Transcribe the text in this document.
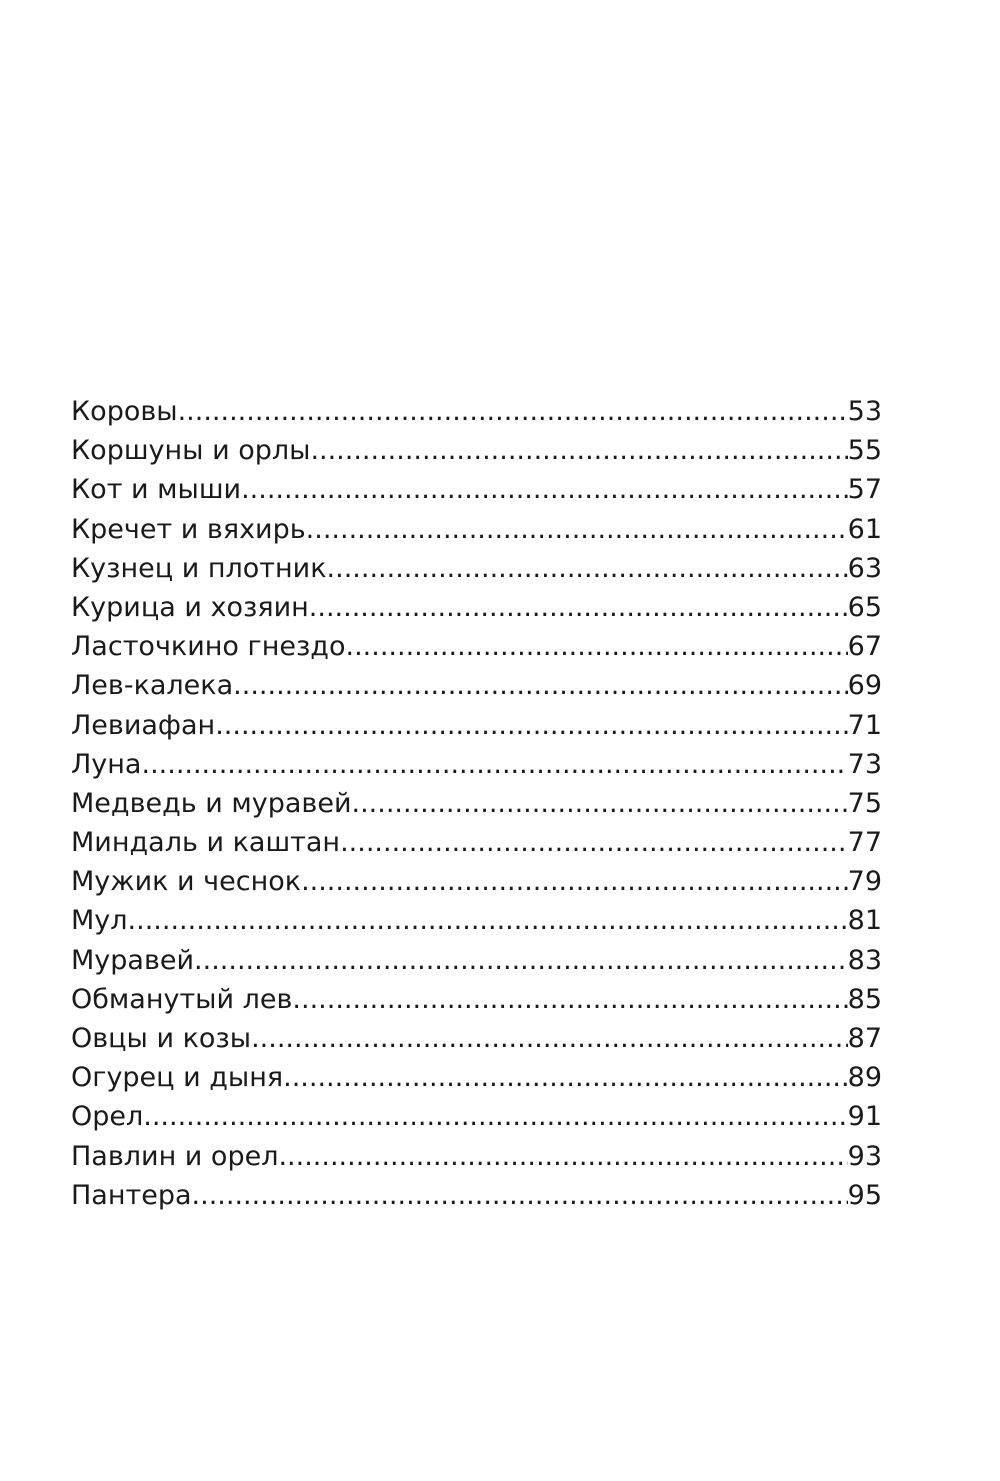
Коровы .....	53
Коршуны и орлы .....	55
Кот и мыши .....	57
Кречет и вяхирь .....	61
Кузнец и плотник .....	63
Курица и хозяин .....	65
Ласточкино гнездо .....	67
Лев-калека .....	69
Левиафан .....	71
Луна .....	73
Медведь и муравей .....	75
Миндаль и каштан .....	77
Мужик и чеснок .....	79
Мул .....	81
Муравей .....	83
Обманутый лев .....	85
Овцы и козы .....	87
Огурец и дыня .....	89
Орел .....	91
Павлин и орел .....	93
Пантера .....	95
